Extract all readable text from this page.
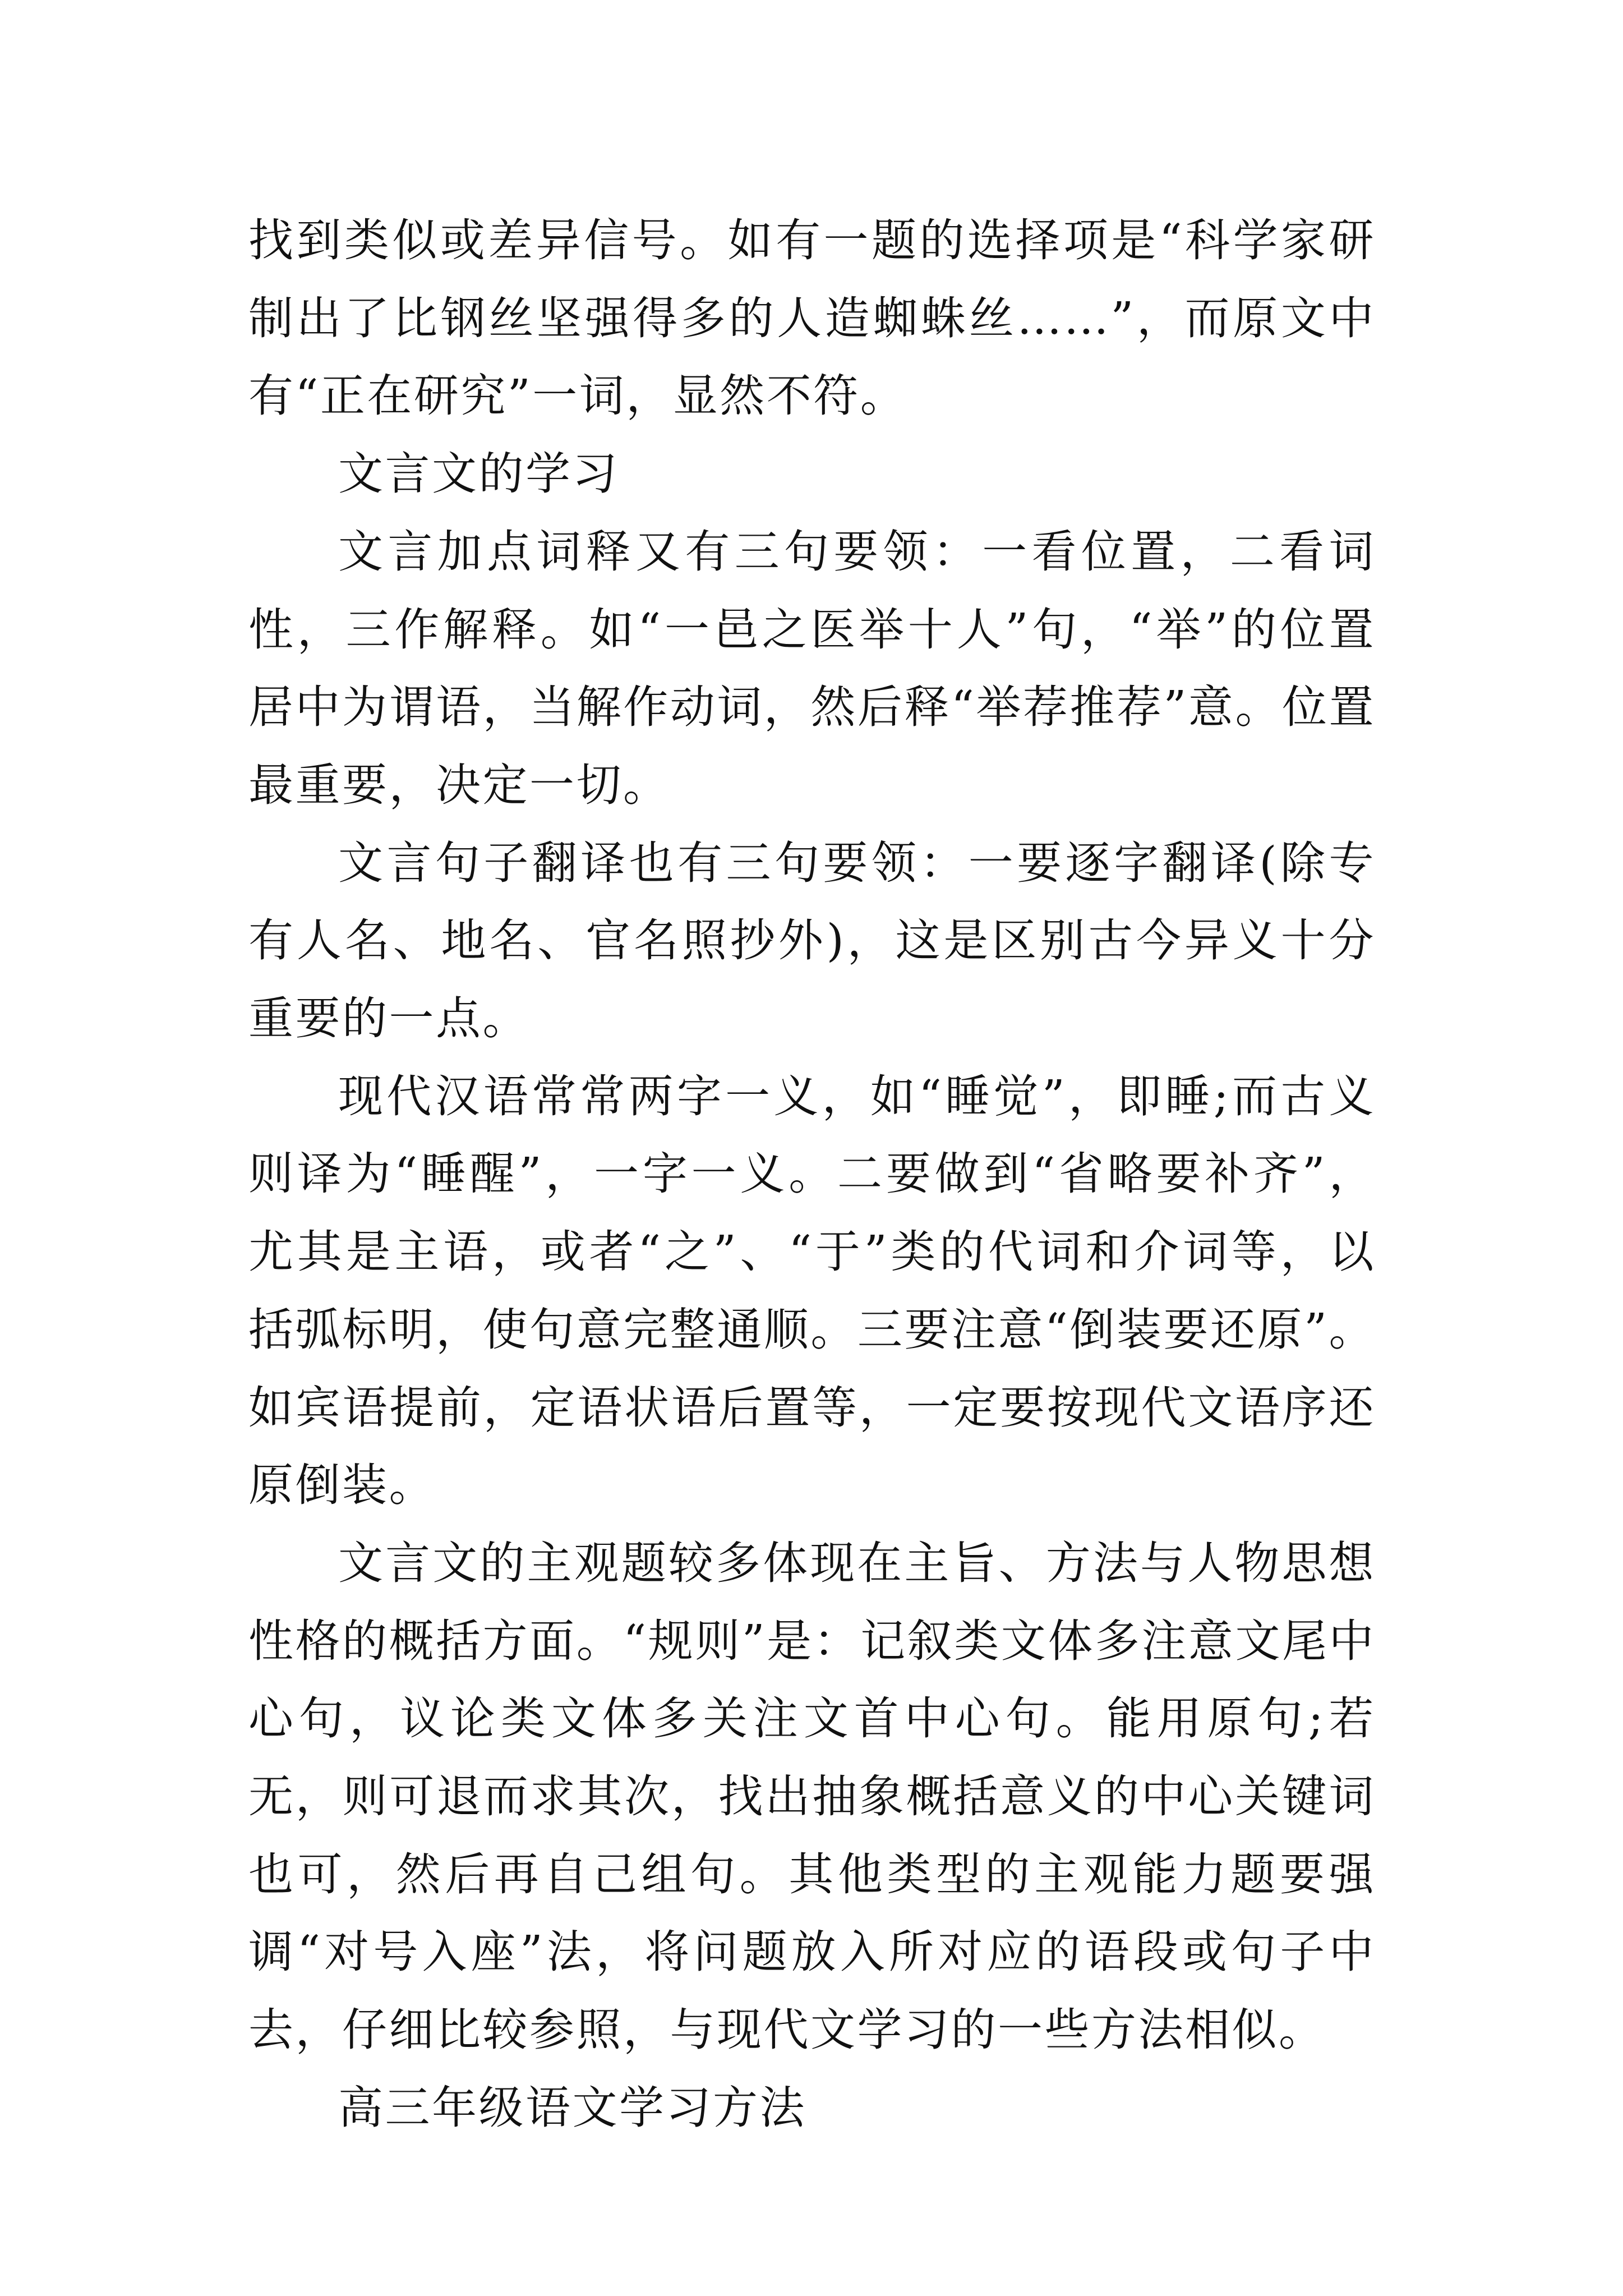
找到类似或差异信号。如有一题的选择项是“科学家研制出了比钢丝坚强得多的人造蜘蛛丝……”，而原文中有“正在研究”一词，显然不符。

文言文的学习

文言加点词释又有三句要领：一看位置，二看词性，三作解释。如“一邑之医举十人”句，“举”的位置居中为谓语，当解作动词，然后释“举荐推荐”意。位置最重要，决定一切。

文言句子翻译也有三句要领：一要逐字翻译(除专有人名、地名、官名照抄外)，这是区别古今异义十分重要的一点。

现代汉语常常两字一义，如“睡觉”，即睡;而古义则译为“睡醒”，一字一义。二要做到“省略要补齐”，尤其是主语，或者“之”、“于”类的代词和介词等，以括弧标明，使句意完整通顺。三要注意“倒装要还原”。如宾语提前，定语状语后置等，一定要按现代文语序还原倒装。

文言文的主观题较多体现在主旨、方法与人物思想性格的概括方面。“规则”是：记叙类文体多注意文尾中心句，议论类文体多关注文首中心句。能用原句;若无，则可退而求其次，找出抽象概括意义的中心关键词也可，然后再自己组句。其他类型的主观能力题要强调“对号入座”法，将问题放入所对应的语段或句子中去，仔细比较参照，与现代文学习的一些方法相似。

高三年级语文学习方法
